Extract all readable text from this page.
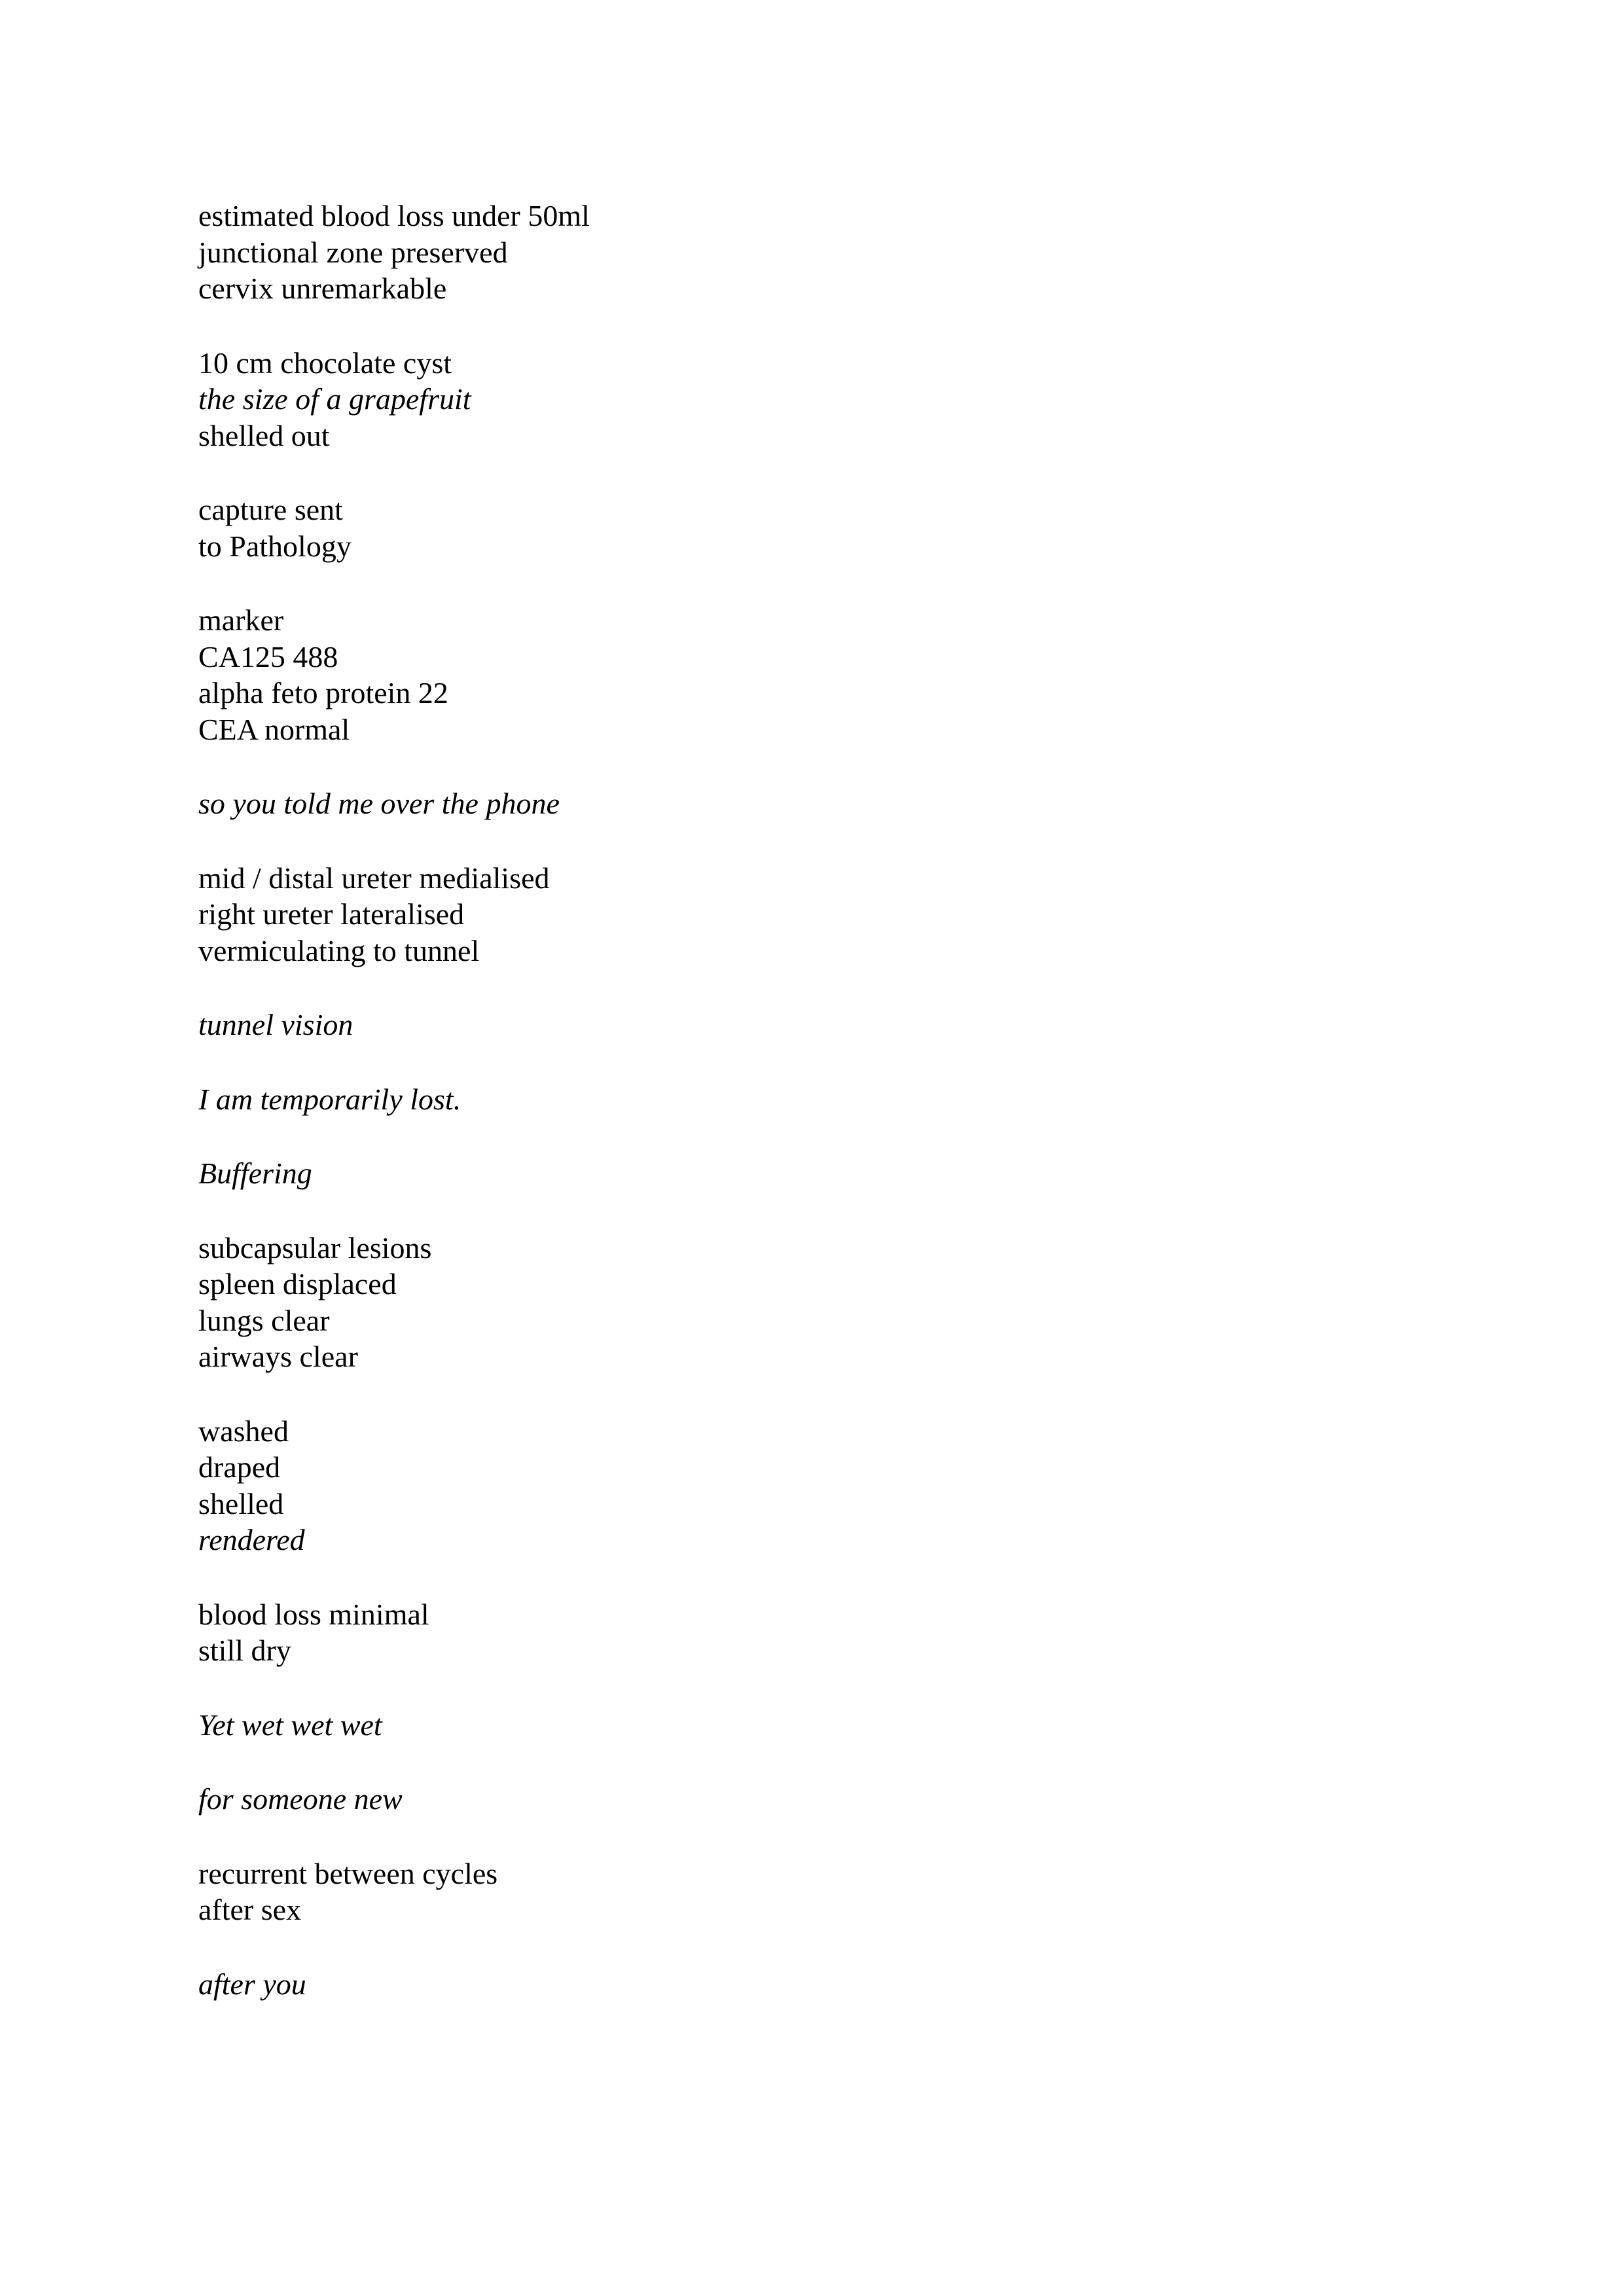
estimated blood loss under 50ml
junctional zone preserved
cervix unremarkable
10 cm chocolate cyst
the size of a grapefruit
shelled out
capture sent
to Pathology
marker
CA125 488
alpha feto protein 22
CEA normal
so you told me over the phone
mid / distal ureter medialised
right ureter lateralised
vermiculating to tunnel
tunnel vision
I am temporarily lost.
Buffering
subcapsular lesions
spleen displaced
lungs clear
airways clear
washed
draped
shelled
rendered
blood loss minimal
still dry
Yet wet wet wet
for someone new
recurrent between cycles
after sex
after you
